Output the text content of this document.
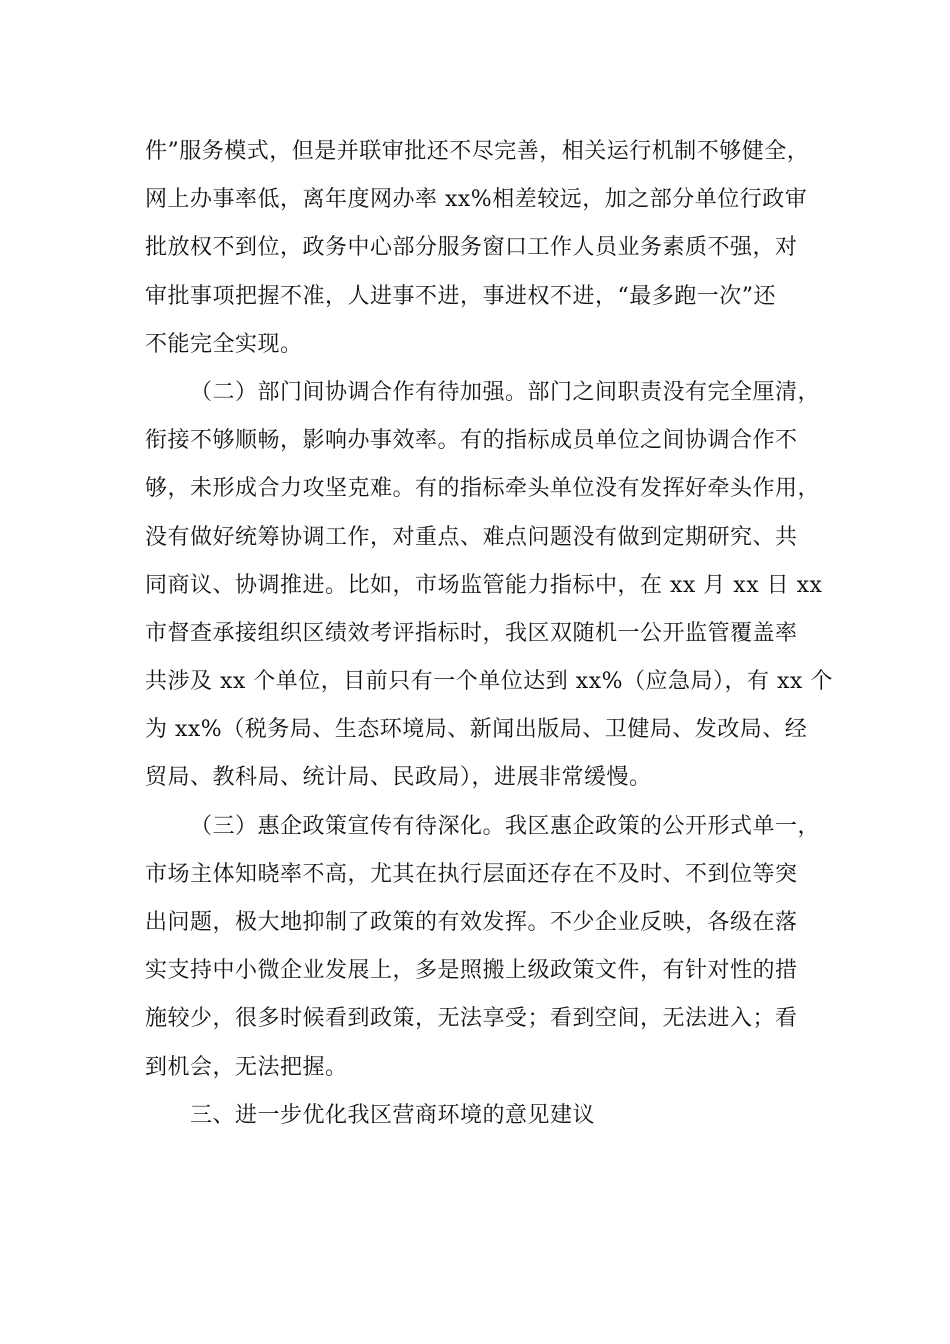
件”服务模式，但是并联审批还不尽完善，相关运行机制不够健全，
网上办事率低，离年度网办率 xx%相差较远，加之部分单位行政审
批放权不到位，政务中心部分服务窗口工作人员业务素质不强，对
审批事项把握不准，人进事不进，事进权不进，“最多跑一次”还
不能完全实现。
（二）部门间协调合作有待加强。部门之间职责没有完全厘清，
衔接不够顺畅，影响办事效率。有的指标成员单位之间协调合作不
够，未形成合力攻坚克难。有的指标牵头单位没有发挥好牵头作用，
没有做好统筹协调工作，对重点、难点问题没有做到定期研究、共
同商议、协调推进。比如，市场监管能力指标中，在 xx 月 xx 日 xx
市督查承接组织区绩效考评指标时，我区双随机一公开监管覆盖率
共涉及 xx 个单位，目前只有一个单位达到 xx%（应急局），有 xx 个
为 xx%（税务局、生态环境局、新闻出版局、卫健局、发改局、经
贸局、教科局、统计局、民政局），进展非常缓慢。
（三）惠企政策宣传有待深化。我区惠企政策的公开形式单一，
市场主体知晓率不高，尤其在执行层面还存在不及时、不到位等突
出问题，极大地抑制了政策的有效发挥。不少企业反映，各级在落
实支持中小微企业发展上，多是照搬上级政策文件，有针对性的措
施较少，很多时候看到政策，无法享受；看到空间，无法进入；看
到机会，无法把握。
三、进一步优化我区营商环境的意见建议
